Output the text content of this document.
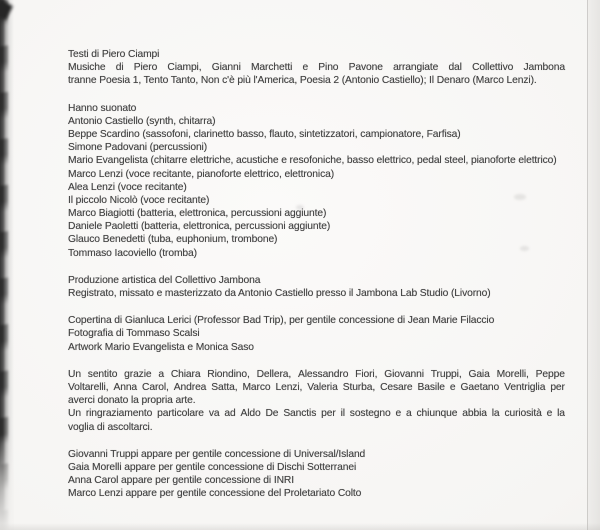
Testi di Piero Ciampi
Musiche di Piero Ciampi, Gianni Marchetti e Pino Pavone arrangiate dal Collettivo Jambona
tranne Poesia 1, Tento Tanto, Non c'è più l'America, Poesia 2 (Antonio Castiello); Il Denaro (Marco Lenzi).
Hanno suonato
Antonio Castiello (synth, chitarra)
Beppe Scardino (sassofoni, clarinetto basso, flauto, sintetizzatori, campionatore, Farfisa)
Simone Padovani (percussioni)
Mario Evangelista (chitarre elettriche, acustiche e resofoniche, basso elettrico, pedal steel, pianoforte elettrico)
Marco Lenzi (voce recitante, pianoforte elettrico, elettronica)
Alea Lenzi (voce recitante)
Il piccolo Nicolò (voce recitante)
Marco Biagiotti (batteria, elettronica, percussioni aggiunte)
Daniele Paoletti (batteria, elettronica, percussioni aggiunte)
Glauco Benedetti (tuba, euphonium, trombone)
Tommaso Iacoviello (tromba)
Produzione artistica del Collettivo Jambona
Registrato, missato e masterizzato da Antonio Castiello presso il Jambona Lab Studio (Livorno)
Copertina di Gianluca Lerici (Professor Bad Trip), per gentile concessione di Jean Marie Filaccio
Fotografia di Tommaso Scalsi
Artwork Mario Evangelista e Monica Saso
Un sentito grazie a Chiara Riondino, Dellera, Alessandro Fiori, Giovanni Truppi, Gaia Morelli, Peppe
Voltarelli, Anna Carol, Andrea Satta, Marco Lenzi, Valeria Sturba, Cesare Basile e Gaetano Ventriglia per
averci donato la propria arte.
Un ringraziamento particolare va ad Aldo De Sanctis per il sostegno e a chiunque abbia la curiosità e la
voglia di ascoltarci.
Giovanni Truppi appare per gentile concessione di Universal/Island
Gaia Morelli appare per gentile concessione di Dischi Sotterranei
Anna Carol appare per gentile concessione di INRI
Marco Lenzi appare per gentile concessione del Proletariato Colto
